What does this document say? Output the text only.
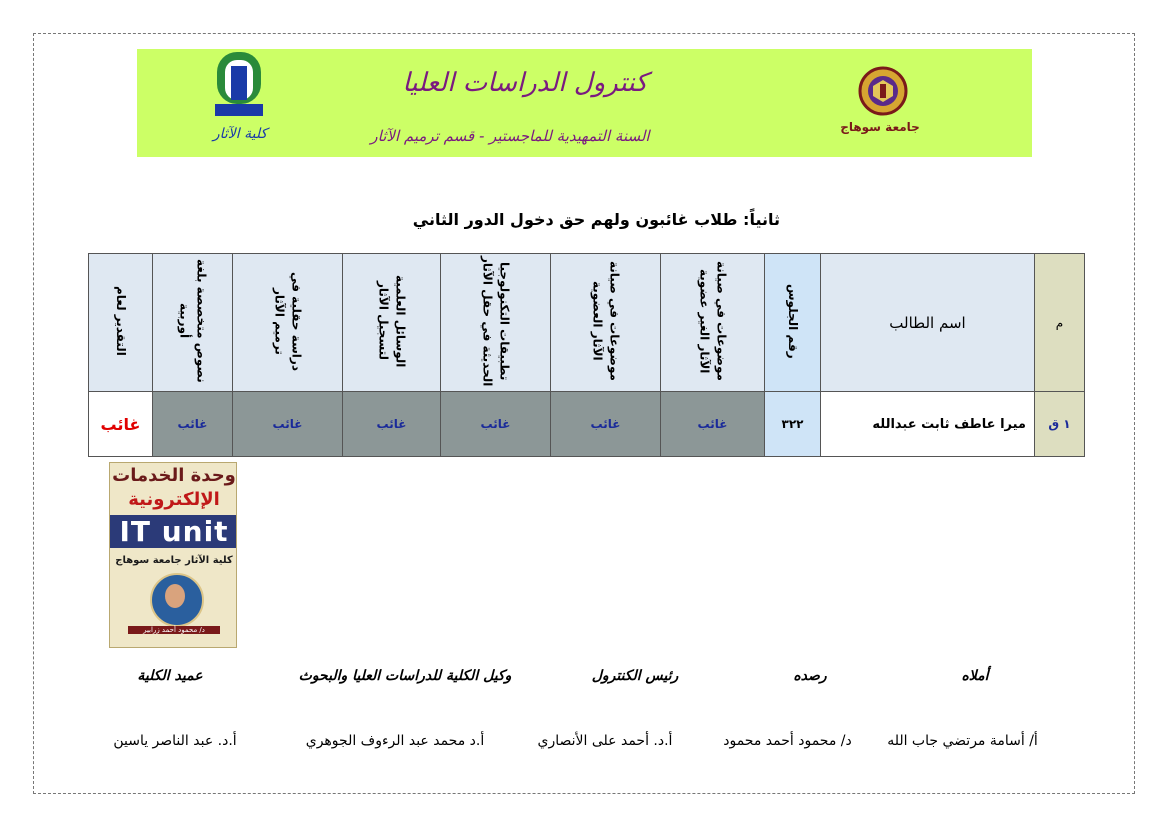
جامعة سوهاج
كلية الآثار
كنترول الدراسات العليا
السنة التمهيدية للماجستير - قسم ترميم الآثار
ثانياً: طلاب غائبون ولهم حق دخول الدور الثاني
م	اسم الطالب	رقم الجلوس	موضوعات في صيانة الآثار الغير عضوية	موضوعات في صيانة الآثار العضوية	تطبيقات التكنولوجيا الحديثة في حقل الآثار	الوسائل العلمية لتسجيل الآثار	دراسة حقلية في ترميم الآثار	نصوص متخصصة بلغة أوربية	التقدير لعام
١ ق	ميرا عاطف ثابت عبدالله	٣٢٢	غائب	غائب	غائب	غائب	غائب	غائب	غائب
وحدة الخدمات
الإلكترونية
IT unit
كلية الآثار جامعة سوهاج
د/ محمود أحمد زرابير
أملاه
رصده
رئيس الكنترول
وكيل الكلية للدراسات العليا والبحوث
عميد الكلية
أ/ أسامة مرتضي جاب الله
د/ محمود أحمد محمود
أ.د. أحمد على الأنصاري
أ.د محمد عبد الرءوف الجوهري
أ.د. عبد الناصر ياسين
